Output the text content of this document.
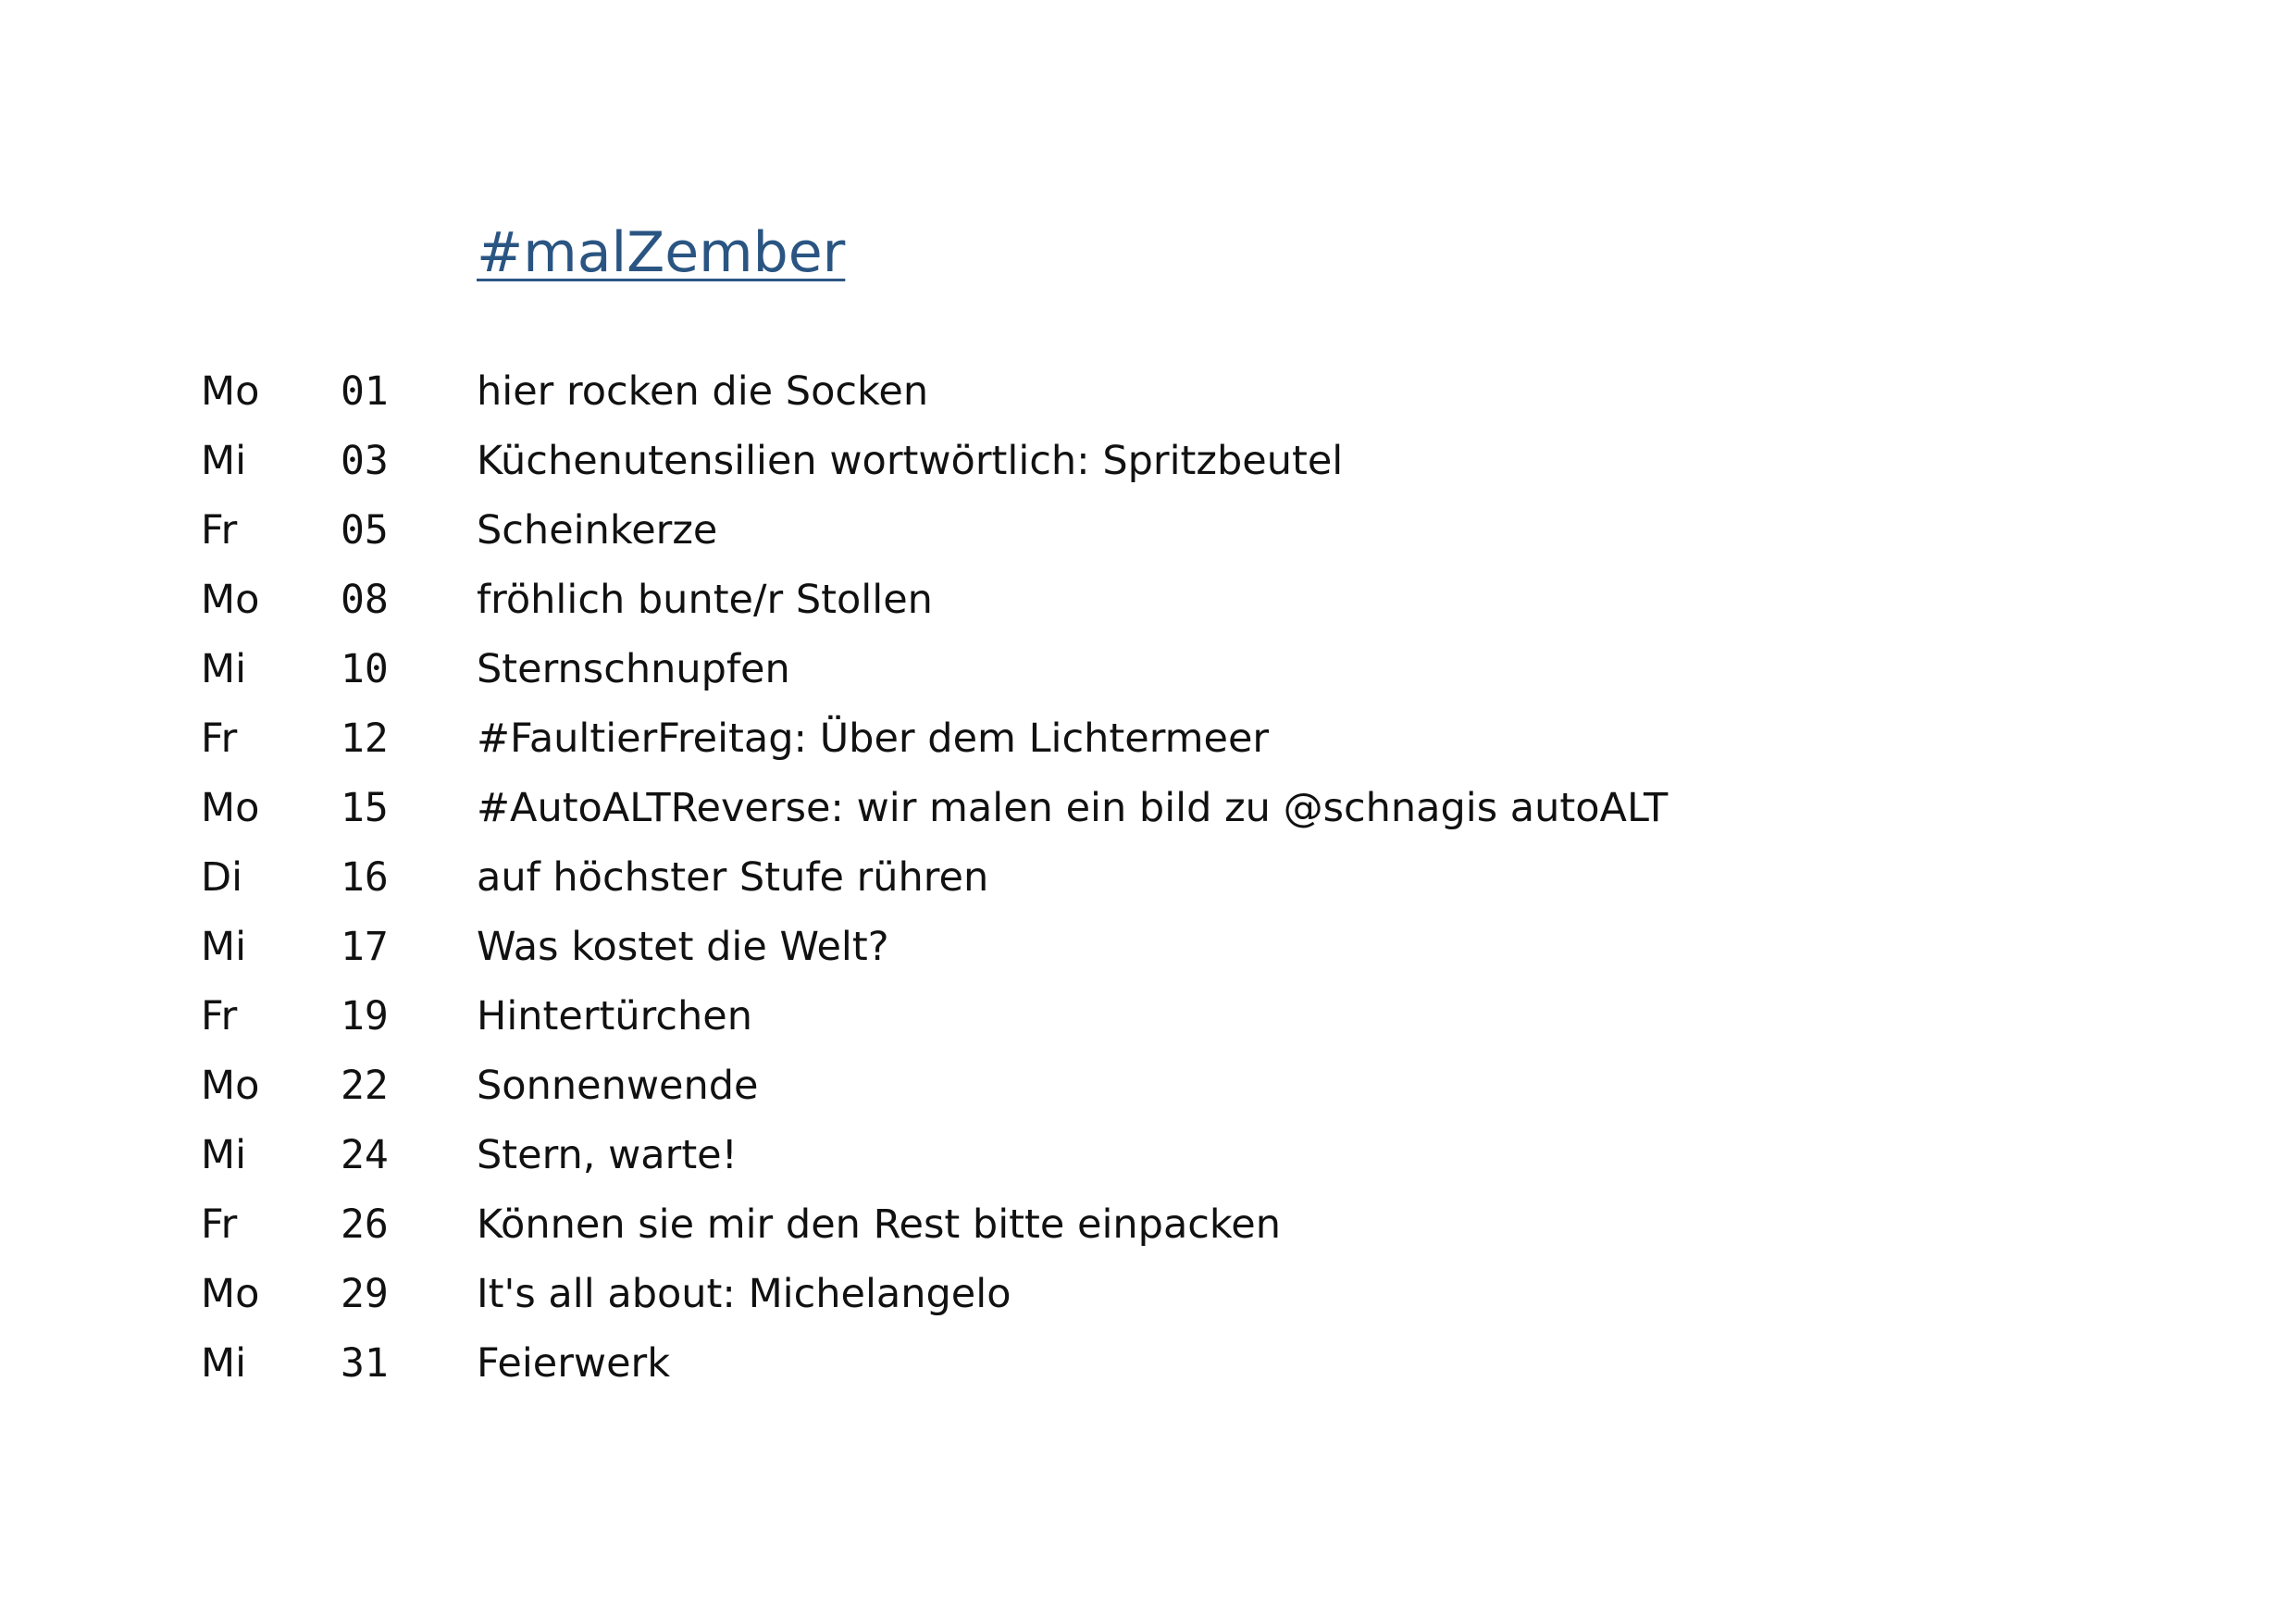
#malZember
Mo 01 hier rocken die Socken
Mi 03 Küchenutensilien wortwörtlich: Spritzbeutel
Fr	05 Scheinkerze
Mo 08 fröhlich bunte/r Stollen
Mi 10 Sternschnupfen
Fr	12 #FaultierFreitag: Über dem Lichtermeer
Mo 15 #AutoALTReverse: wir malen ein bild zu @schnagis autoALT
Di 16 auf höchster Stufe rühren
Mi 17 Was kostet die Welt?
Fr	19 Hintertürchen
Mo 22 Sonnenwende
Mi 24 Stern, warte!
Fr	26 Können sie mir den Rest bitte einpacken
Mo 29 It's all about: Michelangelo
Mi 31 Feierwerk
